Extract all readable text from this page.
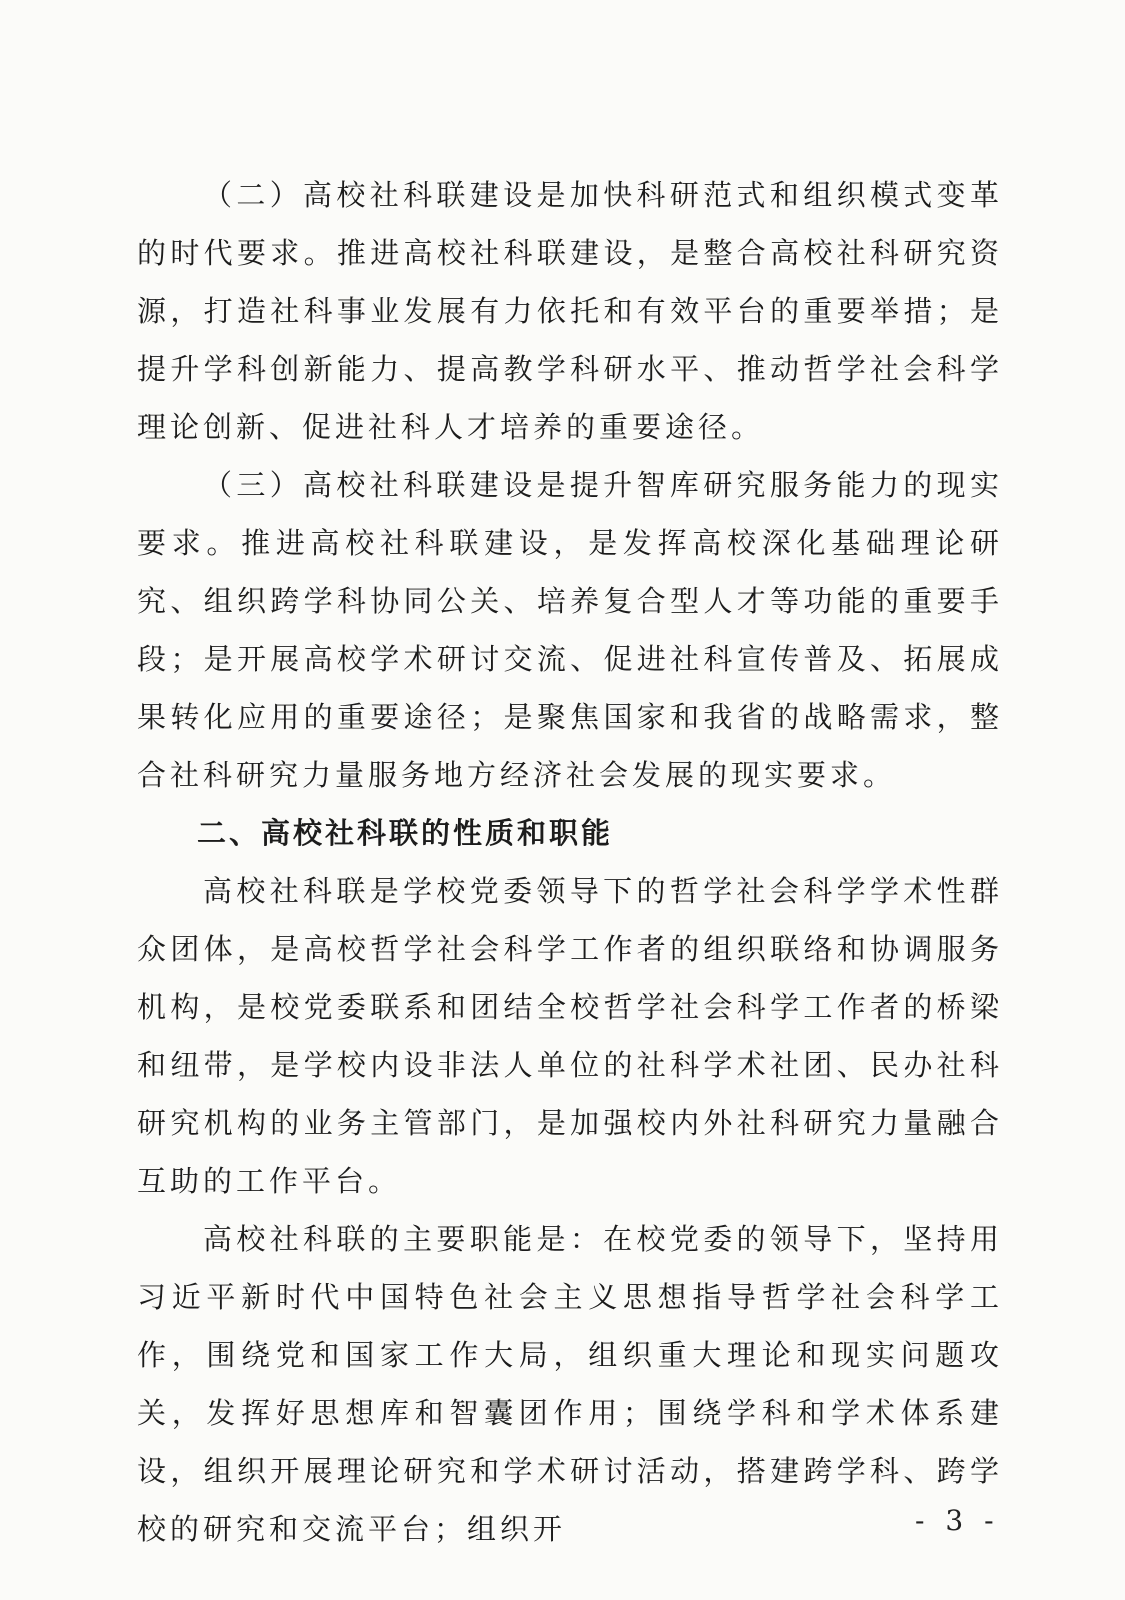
（二）高校社科联建设是加快科研范式和组织模式变革的时代要求。推进高校社科联建设，是整合高校社科研究资源，打造社科事业发展有力依托和有效平台的重要举措；是提升学科创新能力、提高教学科研水平、推动哲学社会科学理论创新、促进社科人才培养的重要途径。

（三）高校社科联建设是提升智库研究服务能力的现实要求。推进高校社科联建设，是发挥高校深化基础理论研究、组织跨学科协同公关、培养复合型人才等功能的重要手段；是开展高校学术研讨交流、促进社科宣传普及、拓展成果转化应用的重要途径；是聚焦国家和我省的战略需求，整合社科研究力量服务地方经济社会发展的现实要求。

二、高校社科联的性质和职能

高校社科联是学校党委领导下的哲学社会科学学术性群众团体，是高校哲学社会科学工作者的组织联络和协调服务机构，是校党委联系和团结全校哲学社会科学工作者的桥梁和纽带，是学校内设非法人单位的社科学术社团、民办社科研究机构的业务主管部门，是加强校内外社科研究力量融合互助的工作平台。

高校社科联的主要职能是：在校党委的领导下，坚持用习近平新时代中国特色社会主义思想指导哲学社会科学工作，围绕党和国家工作大局，组织重大理论和现实问题攻关，发挥好思想库和智囊团作用；围绕学科和学术体系建设，组织开展理论研究和学术研讨活动，搭建跨学科、跨学校的研究和交流平台；组织开	- 3 -
